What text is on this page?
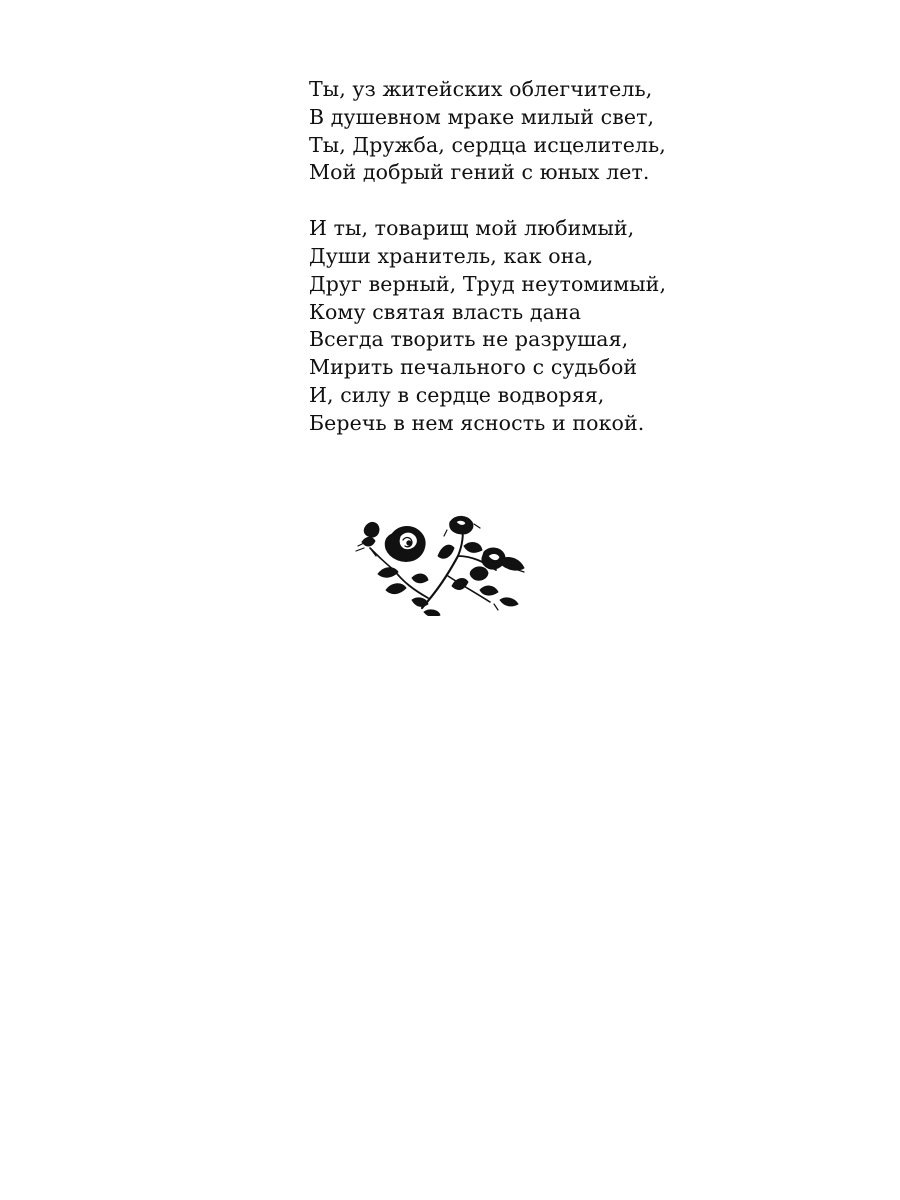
Ты, уз житейских облегчитель,
В душевном мраке милый свет,
Ты, Дружба, сердца исцелитель,
Мой добрый гений с юных лет.
И ты, товарищ мой любимый,
Души хранитель, как она,
Друг верный, Труд неутомимый,
Кому святая власть дана
Всегда творить не разрушая,
Мирить печального с судьбой
И, силу в сердце водворяя,
Беречь в нем ясность и покой.
